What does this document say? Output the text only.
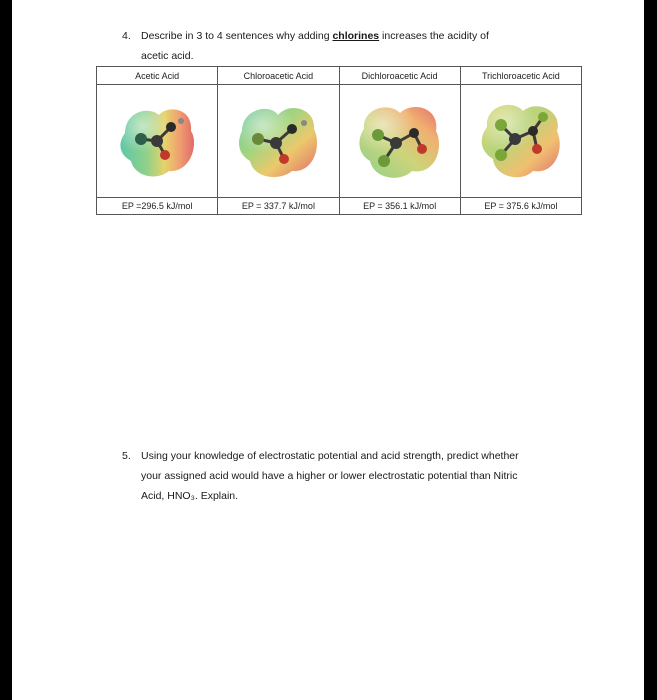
4. Describe in 3 to 4 sentences why adding chlorines increases the acidity of
acetic acid.
Acetic Acid	Chloroacetic Acid	Dichloroacetic Acid	Trichloroacetic Acid

EP =296.5 kJ/mol	EP = 337.7 kJ/mol	EP = 356.1 kJ/mol	EP = 375.6 kJ/mol
5. Using your knowledge of electrostatic potential and acid strength, predict whether
your assigned acid would have a higher or lower electrostatic potential than Nitric
Acid, HNO₃. Explain.
